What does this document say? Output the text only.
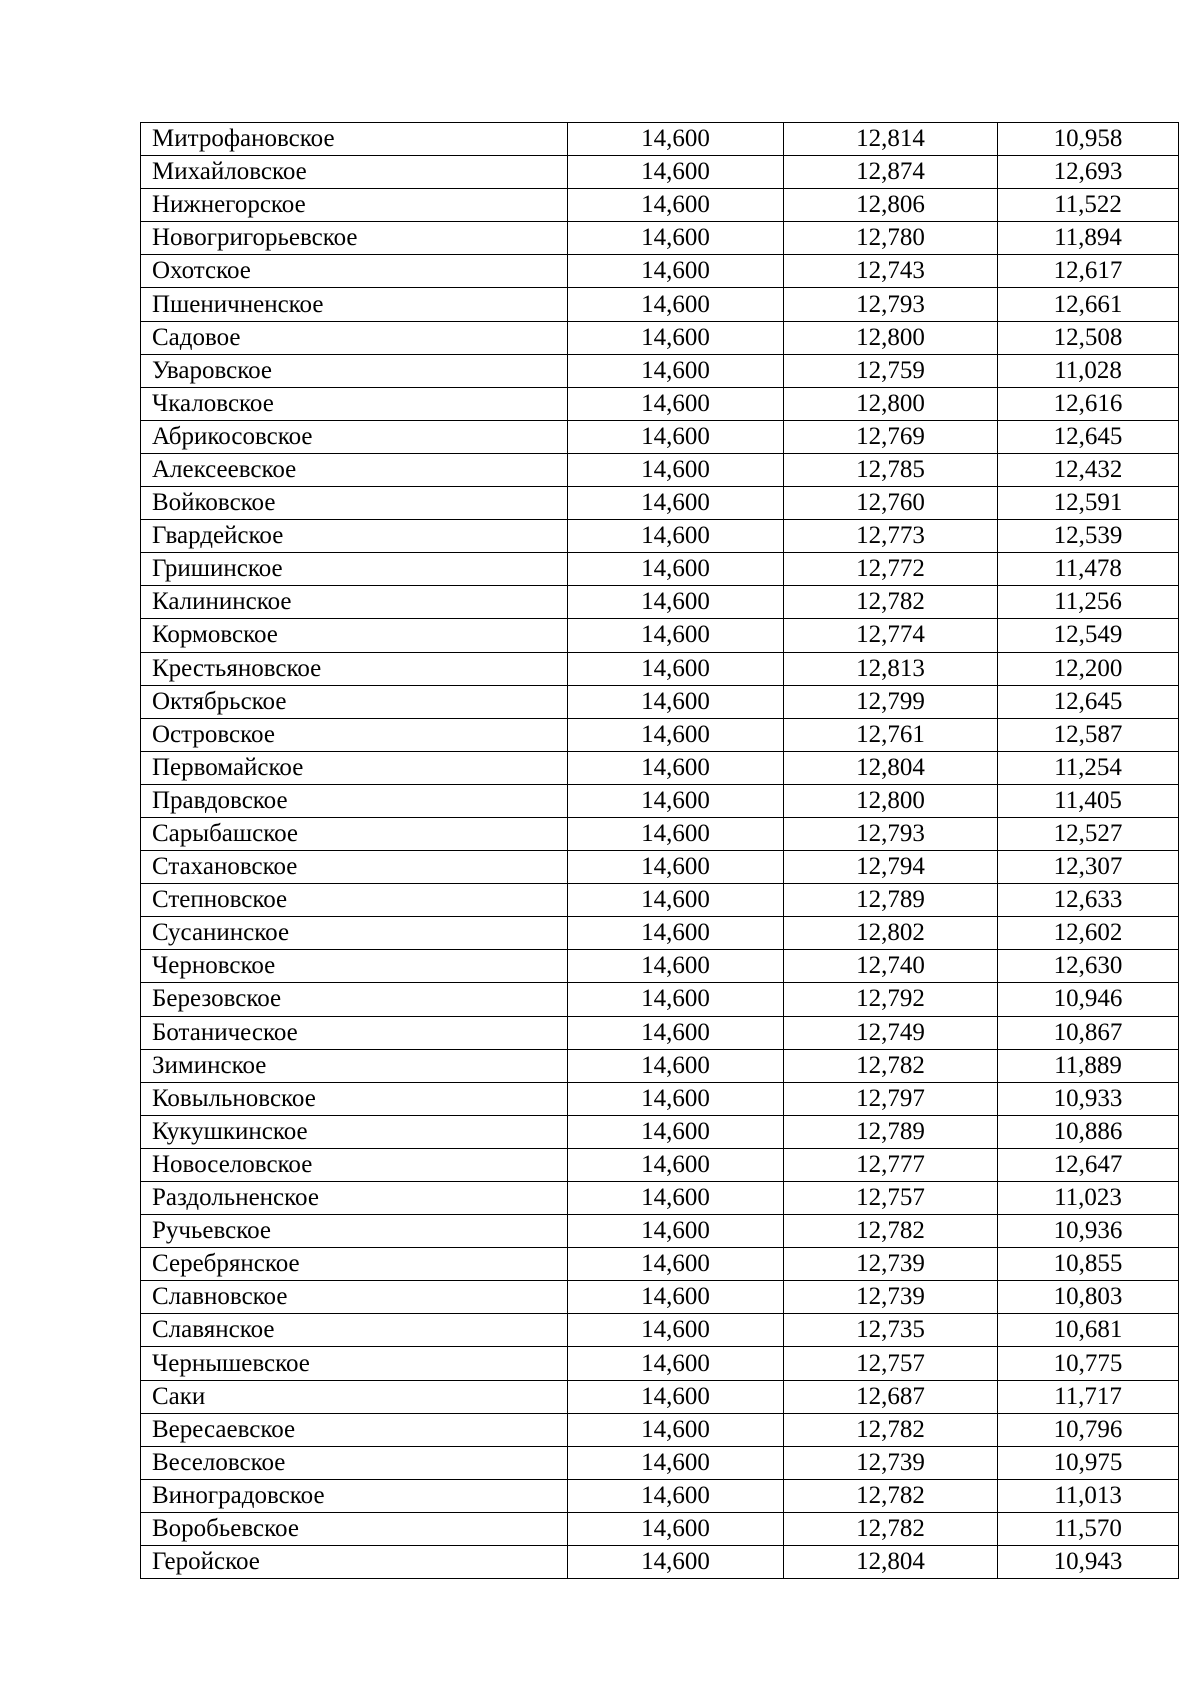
Митрофановское	14,600	12,814	10,958
Михайловское	14,600	12,874	12,693
Нижнегорское	14,600	12,806	11,522
Новогригорьевское	14,600	12,780	11,894
Охотское	14,600	12,743	12,617
Пшеничненское	14,600	12,793	12,661
Садовое	14,600	12,800	12,508
Уваровское	14,600	12,759	11,028
Чкаловское	14,600	12,800	12,616
Абрикосовское	14,600	12,769	12,645
Алексеевское	14,600	12,785	12,432
Войковское	14,600	12,760	12,591
Гвардейское	14,600	12,773	12,539
Гришинское	14,600	12,772	11,478
Калининское	14,600	12,782	11,256
Кормовское	14,600	12,774	12,549
Крестьяновское	14,600	12,813	12,200
Октябрьское	14,600	12,799	12,645
Островское	14,600	12,761	12,587
Первомайское	14,600	12,804	11,254
Правдовское	14,600	12,800	11,405
Сарыбашское	14,600	12,793	12,527
Стахановское	14,600	12,794	12,307
Степновское	14,600	12,789	12,633
Сусанинское	14,600	12,802	12,602
Черновское	14,600	12,740	12,630
Березовское	14,600	12,792	10,946
Ботаническое	14,600	12,749	10,867
Зиминское	14,600	12,782	11,889
Ковыльновское	14,600	12,797	10,933
Кукушкинское	14,600	12,789	10,886
Новоселовское	14,600	12,777	12,647
Раздольненское	14,600	12,757	11,023
Ручьевское	14,600	12,782	10,936
Серебрянское	14,600	12,739	10,855
Славновское	14,600	12,739	10,803
Славянское	14,600	12,735	10,681
Чернышевское	14,600	12,757	10,775
Саки	14,600	12,687	11,717
Вересаевское	14,600	12,782	10,796
Веселовское	14,600	12,739	10,975
Виноградовское	14,600	12,782	11,013
Воробьевское	14,600	12,782	11,570
Геройское	14,600	12,804	10,943
